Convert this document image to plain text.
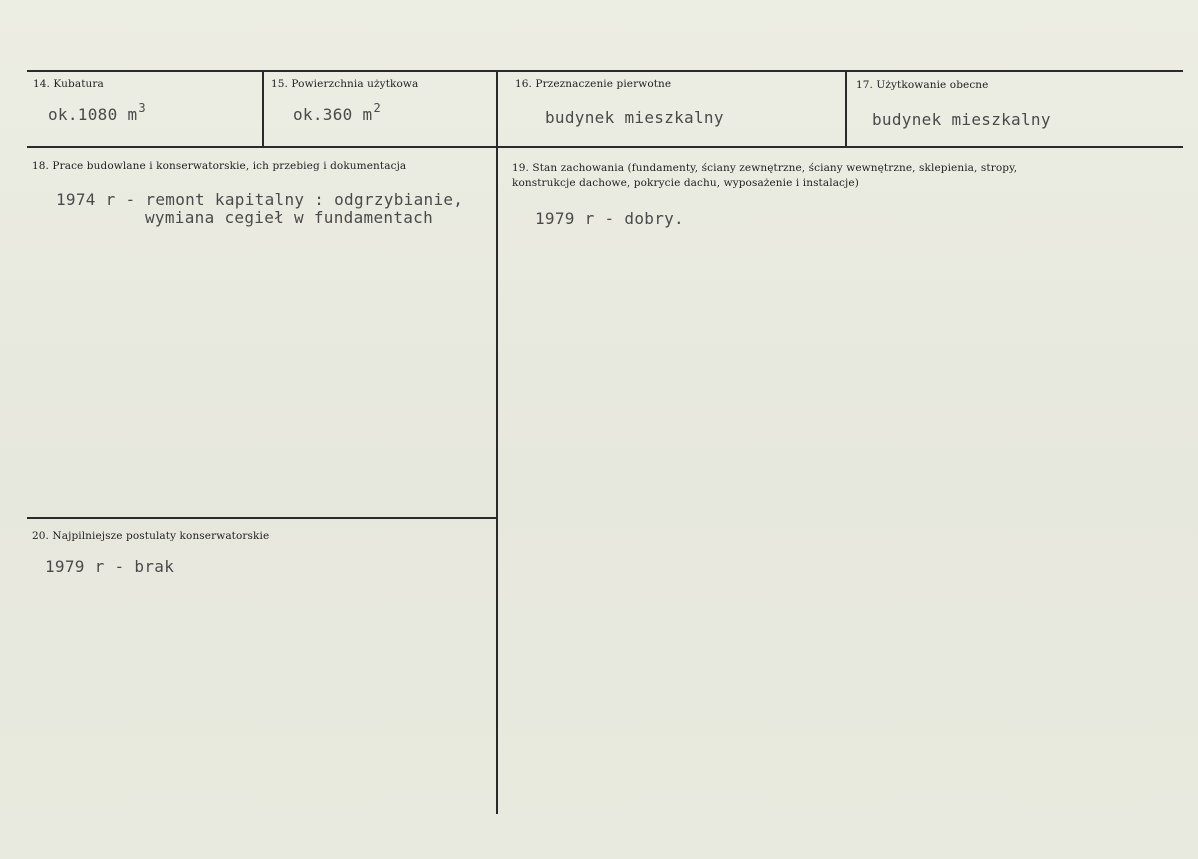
14. Kubatura
ok.1080 $m^3$
15. Powierzchnia użytkowa
ok.360 $m^2$
16. Przeznaczenie pierwotne
budynek mieszkalny
17. Użytkowanie obecne
budynek mieszkalny
18. Prace budowlane i konserwatorskie, ich przebieg i dokumentacja
1974 r - remont kapitalny : odgrzybianie,
wymiana cegieł w fundamentach
19. Stan zachowania (fundamenty, ściany zewnętrzne, ściany wewnętrzne, sklepienia, stropy,
konstrukcje dachowe, pokrycie dachu, wyposażenie i instalacje)
1979 r - dobry.
20. Najpilniejsze postulaty konserwatorskie
1979 r - brak
